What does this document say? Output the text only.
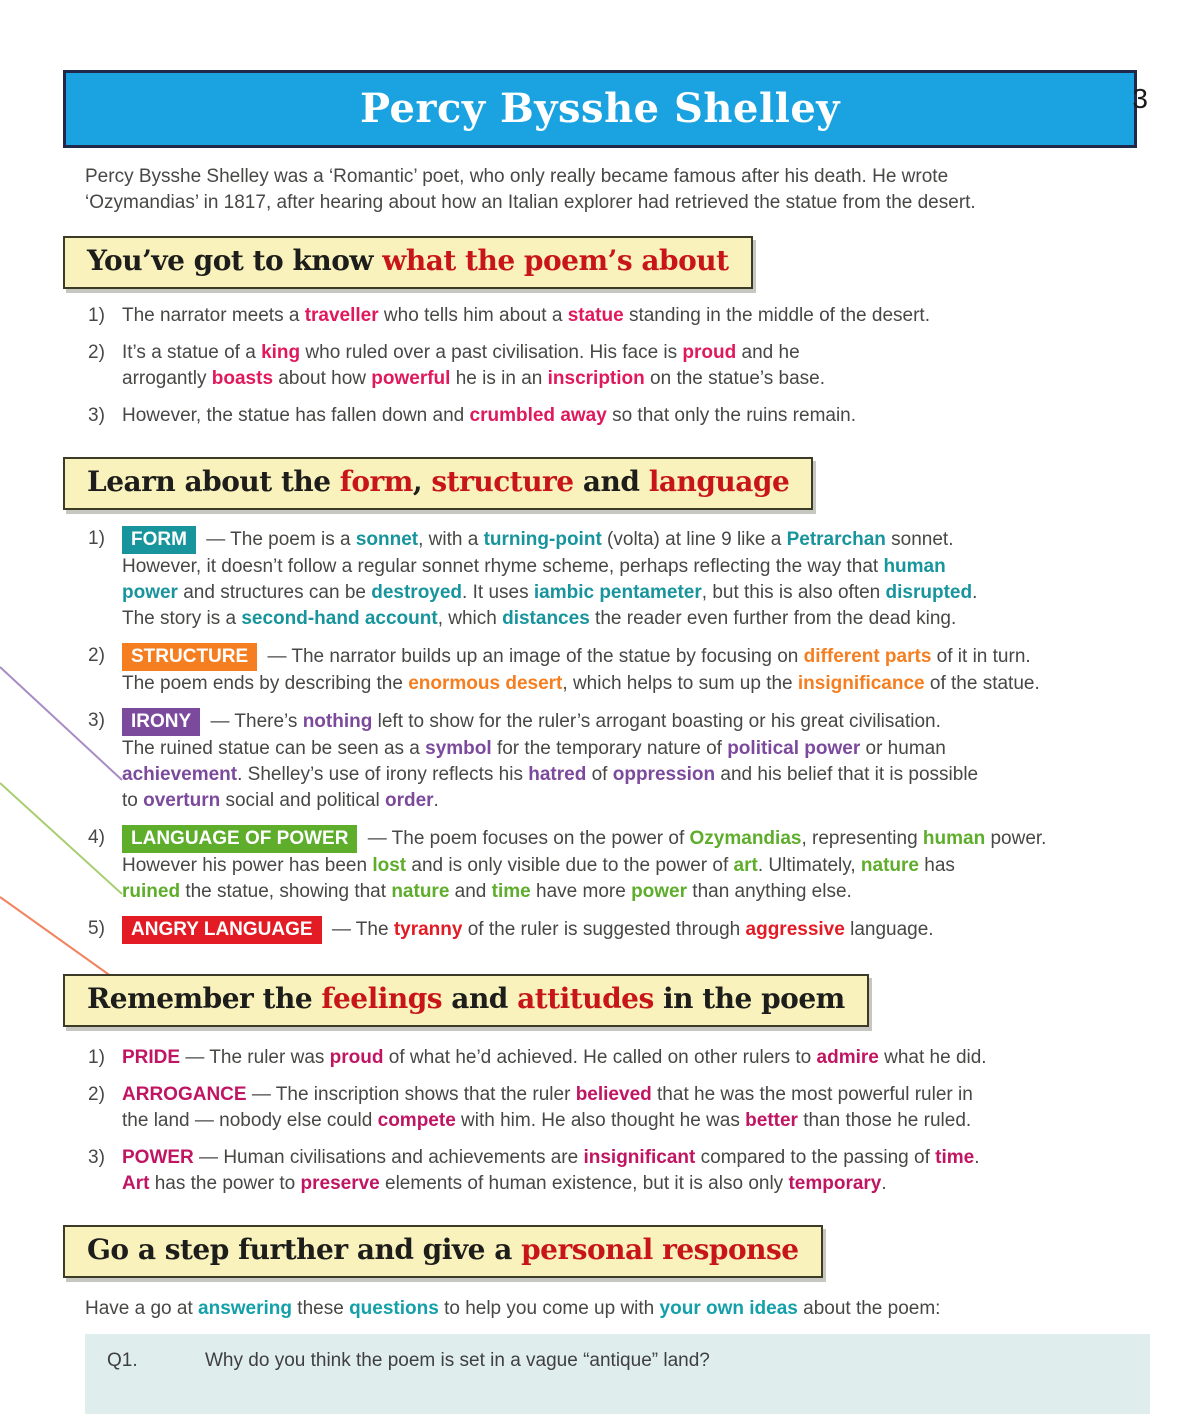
3
Percy Bysshe Shelley

Percy Bysshe Shelley was a ‘Romantic’ poet, who only really became famous after his death. He wrote
‘Ozymandias’ in 1817, after hearing about how an Italian explorer had retrieved the statue from the desert.

You’ve got to know what the poem’s about
1) The narrator meets a traveller who tells him about a statue standing in the middle of the desert.
2) It’s a statue of a king who ruled over a past civilisation. His face is proud and he
arrogantly boasts about how powerful he is in an inscription on the statue’s base.
3) However, the statue has fallen down and crumbled away so that only the ruins remain.
Learn about the form, structure and language
1) FORM — The poem is a sonnet, with a turning-point (volta) at line 9 like a Petrarchan sonnet.
However, it doesn’t follow a regular sonnet rhyme scheme, perhaps reflecting the way that human
power and structures can be destroyed. It uses iambic pentameter, but this is also often disrupted.
The story is a second-hand account, which distances the reader even further from the dead king.
2) STRUCTURE — The narrator builds up an image of the statue by focusing on different parts of it in turn.
The poem ends by describing the enormous desert, which helps to sum up the insignificance of the statue.
3) IRONY — There’s nothing left to show for the ruler’s arrogant boasting or his great civilisation.
The ruined statue can be seen as a symbol for the temporary nature of political power or human
achievement. Shelley’s use of irony reflects his hatred of oppression and his belief that it is possible
to overturn social and political order.
4) LANGUAGE OF POWER — The poem focuses on the power of Ozymandias, representing human power.
However his power has been lost and is only visible due to the power of art. Ultimately, nature has
ruined the statue, showing that nature and time have more power than anything else.
5) ANGRY LANGUAGE — The tyranny of the ruler is suggested through aggressive language.
Remember the feelings and attitudes in the poem
1) PRIDE — The ruler was proud of what he’d achieved. He called on other rulers to admire what he did.
2) ARROGANCE — The inscription shows that the ruler believed that he was the most powerful ruler in
the land — nobody else could compete with him. He also thought he was better than those he ruled.
3) POWER — Human civilisations and achievements are insignificant compared to the passing of time.
Art has the power to preserve elements of human existence, but it is also only temporary.
Go a step further and give a personal response

Have a go at answering these questions to help you come up with your own ideas about the poem:

Q1.	Why do you think the poem is set in a vague “antique” land?
